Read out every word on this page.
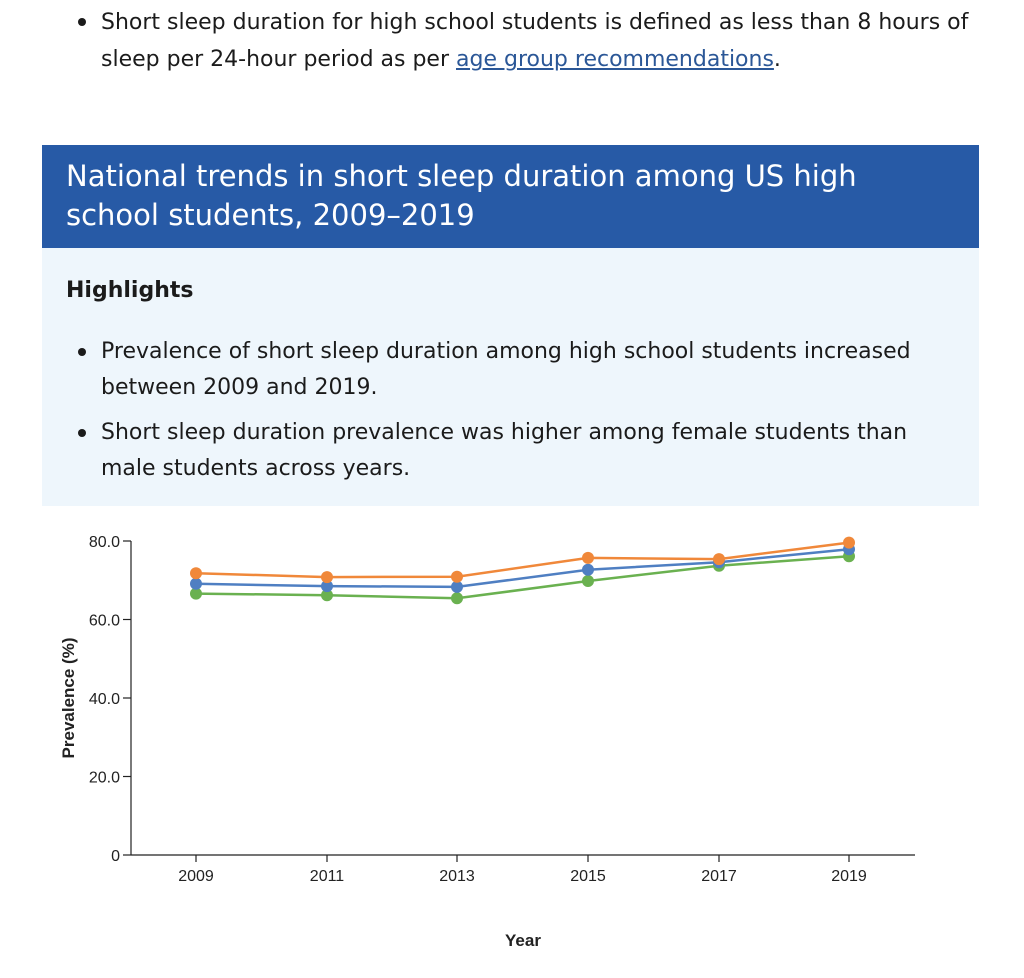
Short sleep duration for high school students is defined as less than 8 hours of sleep per 24-hour period as per age group recommendations.
National trends in short sleep duration among US high school students, 2009–2019
Highlights
Prevalence of short sleep duration among high school students increased between 2009 and 2019.
Short sleep duration prevalence was higher among female students than male students across years.
0
20.0
40.0
60.0
80.0
2009	2011	2013	2015	2017	2019
Prevalence (%)
Year
